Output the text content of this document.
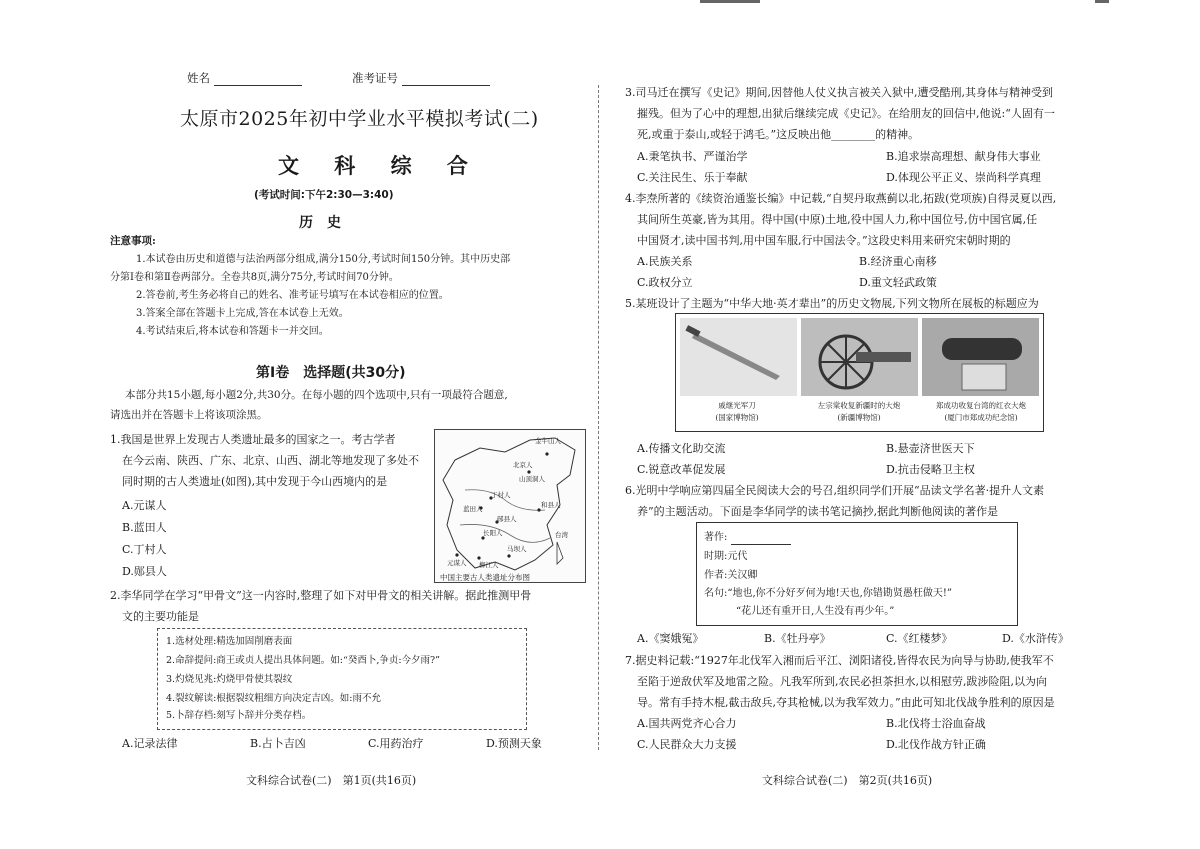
姓名	准考证号
太原市2025年初中学业水平模拟考试(二)
文 科 综 合
(考试时间:下午2:30—3:40)
历　史
注意事项:
1.本试卷由历史和道德与法治两部分组成,满分150分,考试时间150分钟。其中历史部
分第Ⅰ卷和第Ⅱ卷两部分。全卷共8页,满分75分,考试时间70分钟。
2.答卷前,考生务必将自己的姓名、准考证号填写在本试卷相应的位置。
3.答案全部在答题卡上完成,答在本试卷上无效。
4.考试结束后,将本试卷和答题卡一并交回。
第Ⅰ卷　选择题(共30分)
本部分共15小题,每小题2分,共30分。在每小题的四个选项中,只有一项最符合题意,
请选出并在答题卡上将该项涂黑。
1.我国是世界上发现古人类遗址最多的国家之一。考古学者
在今云南、陕西、广东、北京、山西、湖北等地发现了多处不
同时期的古人类遗址(如图),其中发现于今山西境内的是
A.元谋人
B.蓝田人
C.丁村人
D.郧县人
金牛山人
北京人
山顶洞人
丁村人
蓝田人
郧县人
长阳人
和县人
元谋人
马坝人
柳江人
台湾
中国主要古人类遗址分布图
2.李华同学在学习“甲骨文”这一内容时,整理了如下对甲骨文的相关讲解。据此推测甲骨
文的主要功能是
1.选材处理:精选加固削磨表面
2.命辞提问:商王或贞人提出具体问题。如:“癸酉卜,争贞:今夕雨?”
3.灼烧见兆:灼烧甲骨使其裂纹
4.裂纹解读:根据裂纹粗细方向决定吉凶。如:雨不允
5.卜辞存档:刻写卜辞并分类存档。
A.记录法律	B.占卜吉凶	C.用药治疗	D.预测天象
文科综合试卷(二)　第1页(共16页)
3.司马迁在撰写《史记》期间,因替他人仗义执言被关入狱中,遭受酷刑,其身体与精神受到
摧残。但为了心中的理想,出狱后继续完成《史记》。在给朋友的回信中,他说:“人固有一
死,或重于泰山,或轻于鸿毛。”这反映出他________的精神。
A.秉笔执书、严谨治学	B.追求崇高理想、献身伟大事业
C.关注民生、乐于奉献	D.体现公平正义、崇尚科学真理
4.李焘所著的《续资治通鉴长编》中记载,“自契丹取燕蓟以北,拓跋(党项族)自得灵夏以西,
其间所生英豪,皆为其用。得中国(中原)土地,役中国人力,称中国位号,仿中国官属,任
中国贤才,读中国书判,用中国车服,行中国法令。”这段史料用来研究宋朝时期的
A.民族关系	B.经济重心南移
C.政权分立	D.重文轻武政策
5.某班设计了主题为“中华大地·英才辈出”的历史文物展,下列文物所在展板的标题应为
戚继光军刀
(国家博物馆)
左宗棠收复新疆时的大炮
(新疆博物馆)
郑成功收复台湾的红衣大炮
(厦门市郑成功纪念馆)
A.传播文化助交流	B.悬壶济世医天下
C.锐意改革促发展	D.抗击侵略卫主权
6.光明中学响应第四届全民阅读大会的号召,组织同学们开展“品读文学名著·提升人文素
养”的主题活动。下面是李华同学的读书笔记摘抄,据此判断他阅读的著作是
著作:
时期:元代
作者:关汉卿
名句:“地也,你不分好歹何为地!天也,你错勘贤愚枉做天!”
“花儿还有重开日,人生没有再少年。”
A.《窦娥冤》	B.《牡丹亭》	C.《红楼梦》	D.《水浒传》
7.据史料记载:“1927年北伐军入湘而后平江、浏阳诸役,皆得农民为向导与协助,使我军不
至陷于逆敌伏军及地雷之险。凡我军所到,农民必担茶担水,以相慰劳,跋涉险阻,以为向
导。常有手持木棍,截击敌兵,夺其枪械,以为我军效力。”由此可知北伐战争胜利的原因是
A.国共两党齐心合力	B.北伐将士浴血奋战
C.人民群众大力支援	D.北伐作战方针正确
文科综合试卷(二)　第2页(共16页)
